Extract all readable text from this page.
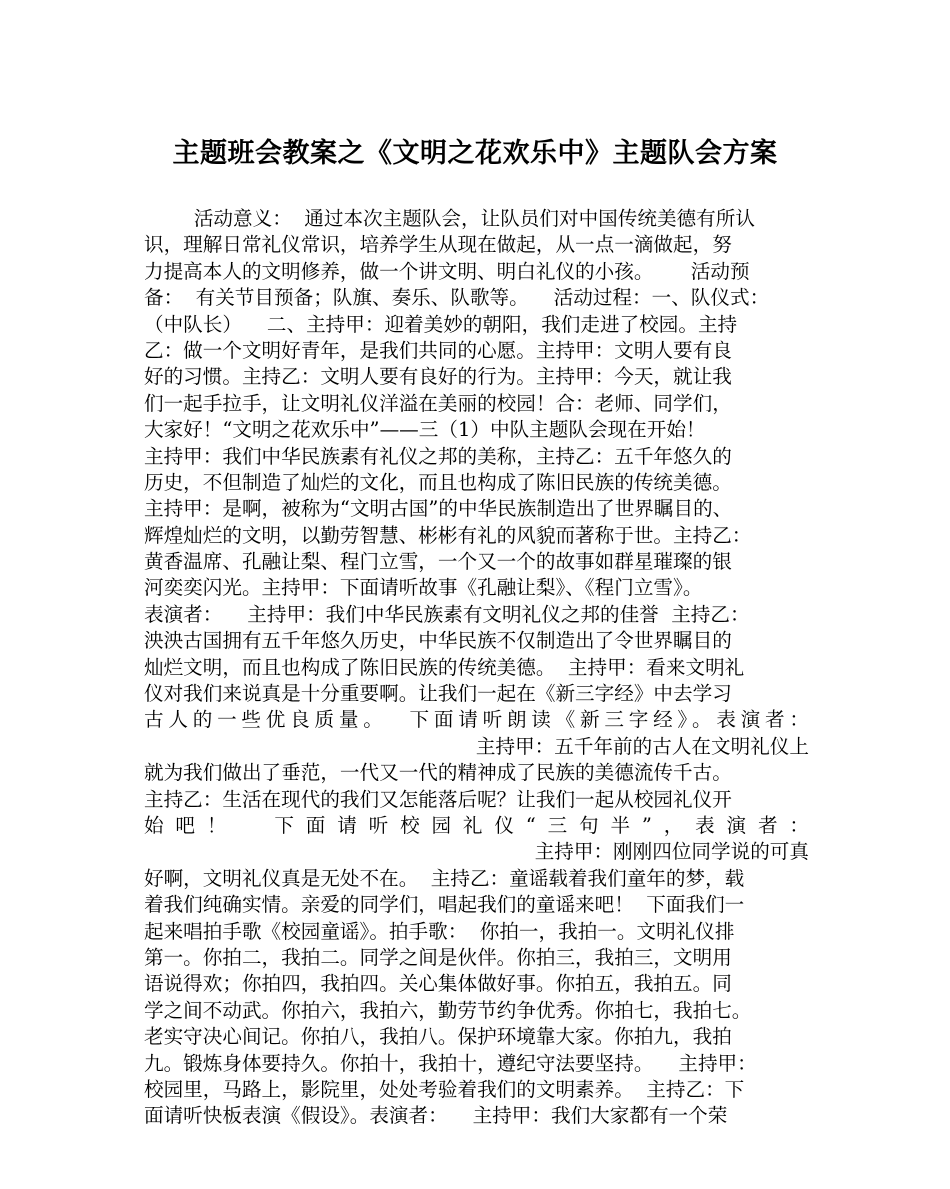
主题班会教案之《文明之花欢乐中》主题队会方案
活动意义：  通过本次主题队会，让队员们对中国传统美德有所认
识，理解日常礼仪常识，培养学生从现在做起，从一点一滴做起，努
力提高本人的文明修养，做一个讲文明、明白礼仪的小孩。      活动预
备：  有关节目预备；队旗、奏乐、队歌等。    活动过程：一、队仪式：
（中队长）    二、主持甲：迎着美妙的朝阳，我们走进了校园。主持
乙：做一个文明好青年，是我们共同的心愿。主持甲：文明人要有良
好的习惯。主持乙：文明人要有良好的行为。主持甲：今天，就让我
们一起手拉手，让文明礼仪洋溢在美丽的校园！合：老师、同学们，
大家好！“文明之花欢乐中”——三（1）中队主题队会现在开始！
主持甲：我们中华民族素有礼仪之邦的美称，主持乙：五千年悠久的
历史，不但制造了灿烂的文化，而且也构成了陈旧民族的传统美德。
主持甲：是啊，被称为“文明古国”的中华民族制造出了世界瞩目的、
辉煌灿烂的文明，以勤劳智慧、彬彬有礼的风貌而著称于世。主持乙：
黄香温席、孔融让梨、程门立雪，一个又一个的故事如群星璀璨的银
河奕奕闪光。主持甲：下面请听故事《孔融让梨》、《程门立雪》。
表演者：    主持甲：我们中华民族素有文明礼仪之邦的佳誉  主持乙：
泱泱古国拥有五千年悠久历史，中华民族不仅制造出了令世界瞩目的
灿烂文明，而且也构成了陈旧民族的传统美德。  主持甲：看来文明礼
仪对我们来说真是十分重要啊。让我们一起在《新三字经》中去学习
古人的一些优良质量。  下面请听朗读《新三字经》。表演者：
主持甲：五千年前的古人在文明礼仪上
就为我们做出了垂范，一代又一代的精神成了民族的美德流传千古。
主持乙：生活在现代的我们又怎能落后呢？让我们一起从校园礼仪开
始吧！  下面请听校园礼仪“三句半”，表演者：
主持甲：刚刚四位同学说的可真
好啊，文明礼仪真是无处不在。  主持乙：童谣载着我们童年的梦，载
着我们纯确实情。亲爱的同学们，唱起我们的童谣来吧！  下面我们一
起来唱拍手歌《校园童谣》。拍手歌：  你拍一，我拍一。文明礼仪排
第一。你拍二，我拍二。同学之间是伙伴。你拍三，我拍三，文明用
语说得欢；你拍四，我拍四。关心集体做好事。你拍五，我拍五。同
学之间不动武。你拍六，我拍六，勤劳节约争优秀。你拍七，我拍七。
老实守决心间记。你拍八，我拍八。保护环境靠大家。你拍九，我拍
九。锻炼身体要持久。你拍十，我拍十，遵纪守法要坚持。    主持甲：
校园里，马路上，影院里，处处考验着我们的文明素养。  主持乙：下
面请听快板表演《假设》。表演者：    主持甲：我们大家都有一个荣
